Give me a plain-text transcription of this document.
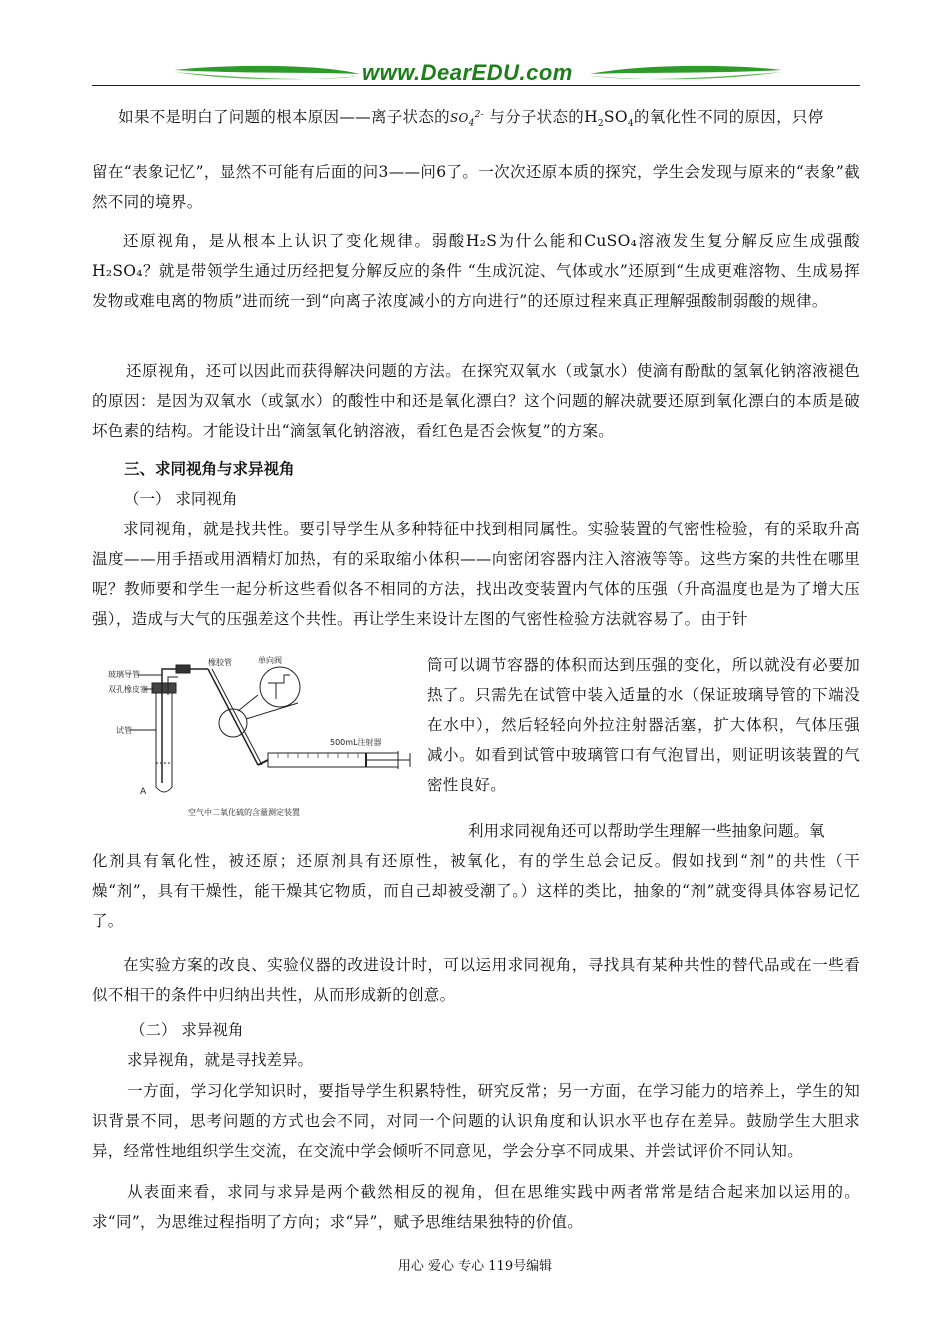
www.DearEDU.com

如果不是明白了问题的根本原因——离子状态的$SO_4^{2-}$ 与分子状态的$H_2SO_4$的氧化性不同的原因，只停

留在“表象记忆”，显然不可能有后面的问3——问6了。一次次还原本质的探究，学生会发现与原来的“表象”截然不同的境界。

还原视角，是从根本上认识了变化规律。弱酸H₂S为什么能和CuSO₄溶液发生复分解反应生成强酸H₂SO₄？就是带领学生通过历经把复分解反应的条件 “生成沉淀、气体或水”还原到“生成更难溶物、生成易挥发物或难电离的物质”进而统一到“向离子浓度减小的方向进行”的还原过程来真正理解强酸制弱酸的规律。

还原视角，还可以因此而获得解决问题的方法。在探究双氧水（或氯水）使滴有酚酞的氢氧化钠溶液褪色的原因：是因为双氧水（或氯水）的酸性中和还是氧化漂白？这个问题的解决就要还原到氧化漂白的本质是破坏色素的结构。才能设计出“滴氢氧化钠溶液，看红色是否会恢复”的方案。

三、求同视角与求异视角
（一） 求同视角

求同视角，就是找共性。要引导学生从多种特征中找到相同属性。实验装置的气密性检验，有的采取升高温度——用手捂或用酒精灯加热，有的采取缩小体积——向密闭容器内注入溶液等等。这些方案的共性在哪里呢？教师要和学生一起分析这些看似各不相同的方法，找出改变装置内气体的压强（升高温度也是为了增大压强），造成与大气的压强差这个共性。再让学生来设计左图的气密性检验方法就容易了。由于针

玻璃导管
双孔橡皮塞
试管
A
橡胶管	单向阀
500mL注射器
空气中二氧化硫的含量测定装置

筒可以调节容器的体积而达到压强的变化，所以就没有必要加热了。只需先在试管中装入适量的水（保证玻璃导管的下端没在水中），然后轻轻向外拉注射器活塞，扩大体积，气体压强减小。如看到试管中玻璃管口有气泡冒出，则证明该装置的气密性良好。

利用求同视角还可以帮助学生理解一些抽象问题。氧

化剂具有氧化性，被还原；还原剂具有还原性，被氧化，有的学生总会记反。假如找到“剂”的共性（干燥“剂”，具有干燥性，能干燥其它物质，而自己却被受潮了。）这样的类比，抽象的“剂”就变得具体容易记忆了。

在实验方案的改良、实验仪器的改进设计时，可以运用求同视角，寻找具有某种共性的替代品或在一些看似不相干的条件中归纳出共性，从而形成新的创意。

（二） 求异视角
求异视角，就是寻找差异。

一方面，学习化学知识时，要指导学生积累特性，研究反常；另一方面，在学习能力的培养上，学生的知识背景不同，思考问题的方式也会不同，对同一个问题的认识角度和认识水平也存在差异。鼓励学生大胆求异，经常性地组织学生交流，在交流中学会倾听不同意见，学会分享不同成果、并尝试评价不同认知。

从表面来看，求同与求异是两个截然相反的视角，但在思维实践中两者常常是结合起来加以运用的。求“同”，为思维过程指明了方向；求“异”，赋予思维结果独特的价值。

用心 爱心 专心 119号编辑
